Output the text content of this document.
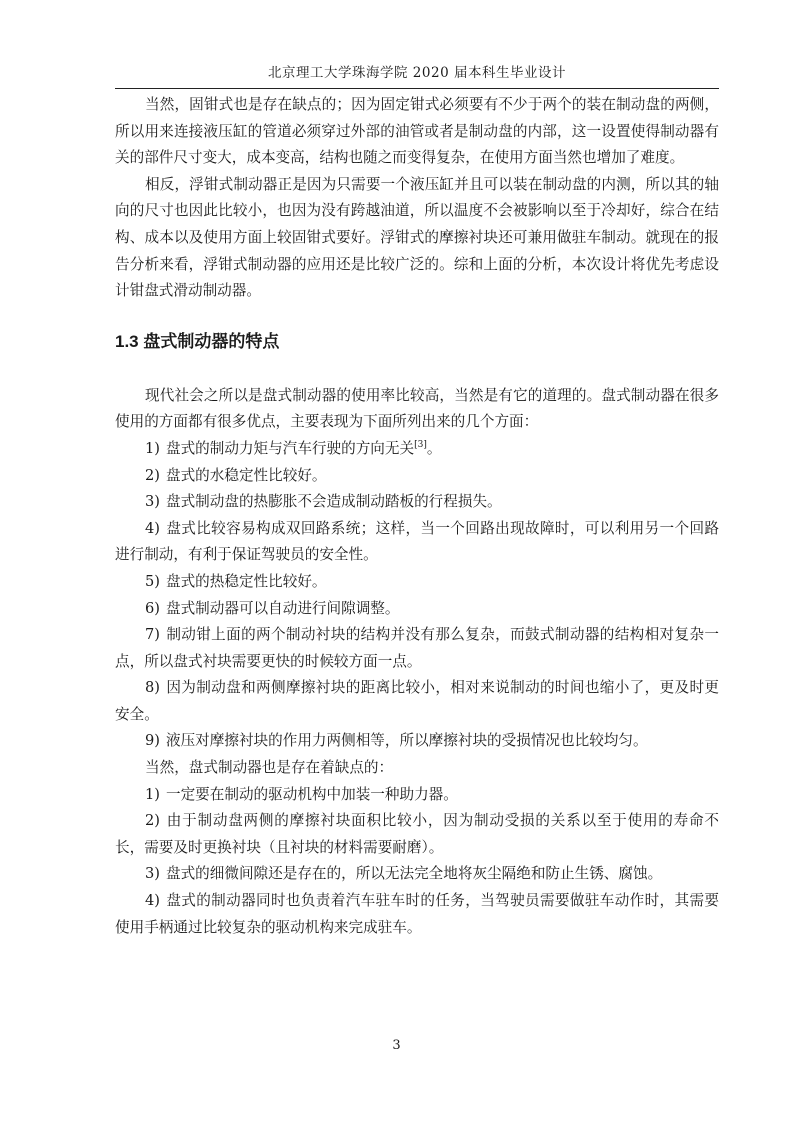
北京理工大学珠海学院 2020 届本科生毕业设计

当然，固钳式也是存在缺点的；因为固定钳式必须要有不少于两个的装在制动盘的两侧，所以用来连接液压缸的管道必须穿过外部的油管或者是制动盘的内部，这一设置使得制动器有关的部件尺寸变大，成本变高，结构也随之而变得复杂，在使用方面当然也增加了难度。

相反，浮钳式制动器正是因为只需要一个液压缸并且可以装在制动盘的内测，所以其的轴向的尺寸也因此比较小，也因为没有跨越油道，所以温度不会被影响以至于冷却好，综合在结构、成本以及使用方面上较固钳式要好。浮钳式的摩擦衬块还可兼用做驻车制动。就现在的报告分析来看，浮钳式制动器的应用还是比较广泛的。综和上面的分析，本次设计将优先考虑设计钳盘式滑动制动器。

1.3 盘式制动器的特点

现代社会之所以是盘式制动器的使用率比较高，当然是有它的道理的。盘式制动器在很多使用的方面都有很多优点，主要表现为下面所列出来的几个方面：

1) 盘式的制动力矩与汽车行驶的方向无关[3]。

2) 盘式的水稳定性比较好。

3) 盘式制动盘的热膨胀不会造成制动踏板的行程损失。

4) 盘式比较容易构成双回路系统；这样，当一个回路出现故障时，可以利用另一个回路进行制动，有利于保证驾驶员的安全性。

5) 盘式的热稳定性比较好。

6) 盘式制动器可以自动进行间隙调整。

7) 制动钳上面的两个制动衬块的结构并没有那么复杂，而鼓式制动器的结构相对复杂一点，所以盘式衬块需要更快的时候较方面一点。

8) 因为制动盘和两侧摩擦衬块的距离比较小，相对来说制动的时间也缩小了，更及时更安全。

9) 液压对摩擦衬块的作用力两侧相等，所以摩擦衬块的受损情况也比较均匀。

当然，盘式制动器也是存在着缺点的：

1) 一定要在制动的驱动机构中加装一种助力器。

2) 由于制动盘两侧的摩擦衬块面积比较小，因为制动受损的关系以至于使用的寿命不长，需要及时更换衬块（且衬块的材料需要耐磨）。

3) 盘式的细微间隙还是存在的，所以无法完全地将灰尘隔绝和防止生锈、腐蚀。

4) 盘式的制动器同时也负责着汽车驻车时的任务，当驾驶员需要做驻车动作时，其需要使用手柄通过比较复杂的驱动机构来完成驻车。

3
